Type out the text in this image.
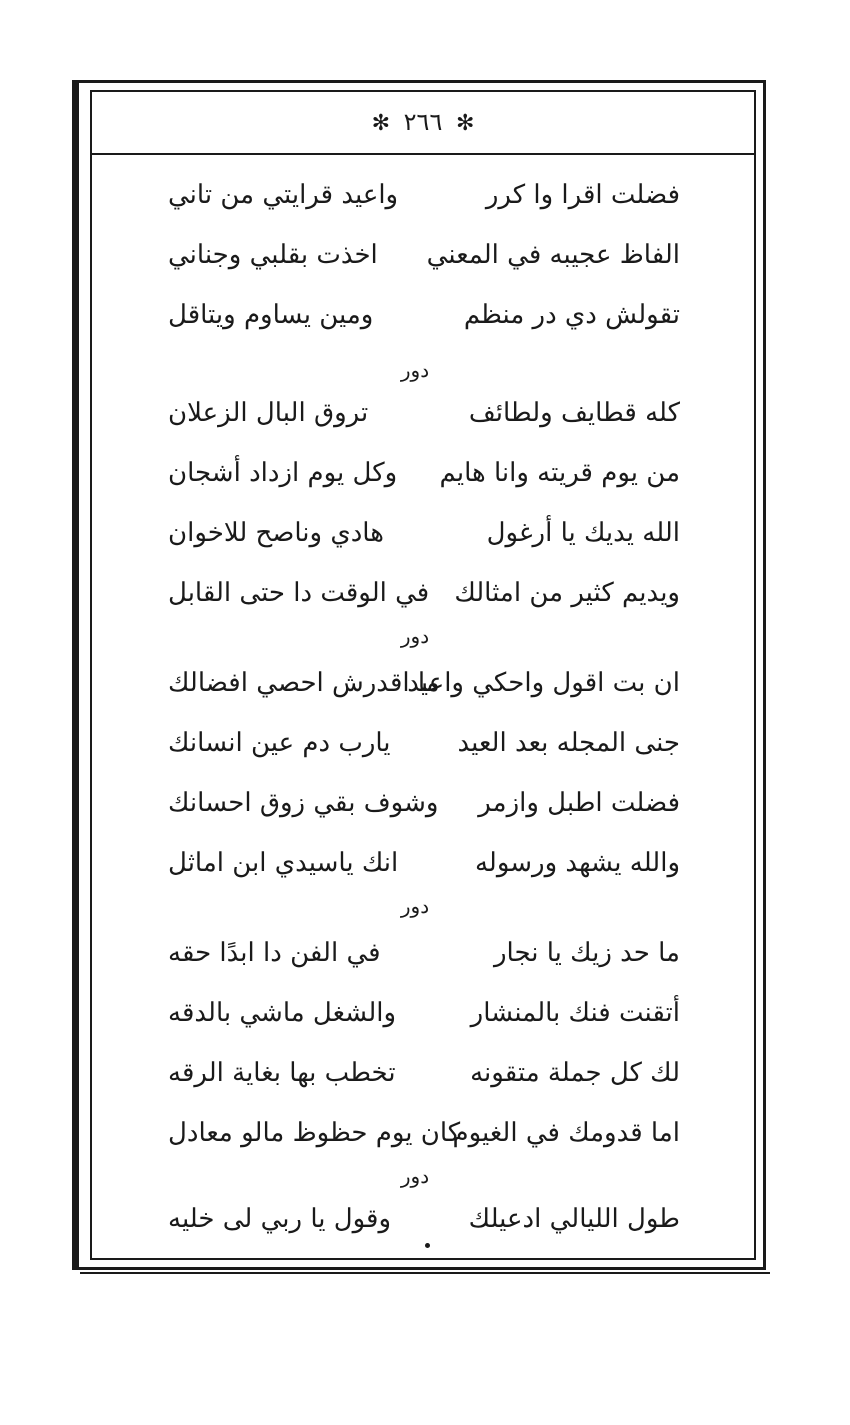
✻ ٢٦٦ ✻
فضلت اقرا وا كرر
واعيد قرايتي من تاني
الفاظ عجيبه في المعني
اخذت بقلبي وجناني
تقولش دي در منظم
ومين يساوم ويتاقل
دور
كله قطايف ولطائف
تروق البال الزعلان
من يوم قريته وانا هايم
وكل يوم ازداد أشجان
الله يديك يا أرغول
هادي وناصح للاخوان
ويديم كثير من امثالك
في الوقت دا حتى القابل
دور
ان بت اقول واحكي واعيد
ما اقدرش احصي افضالك
جنى المجله بعد العيد
يارب دم عين انسانك
فضلت اطبل وازمر
وشوف بقي زوق احسانك
والله يشهد ورسوله
انك ياسيدي ابن اماثل
دور
ما حد زيك يا نجار
في الفن دا ابدًا حقه
أتقنت فنك بالمنشار
والشغل ماشي بالدقه
لك كل جملة متقونه
تخطب بها بغاية الرقه
اما قدومك في الغيوم
كان يوم حظوظ مالو معادل
دور
طول الليالي ادعيلك
وقول يا ربي لى خليه
